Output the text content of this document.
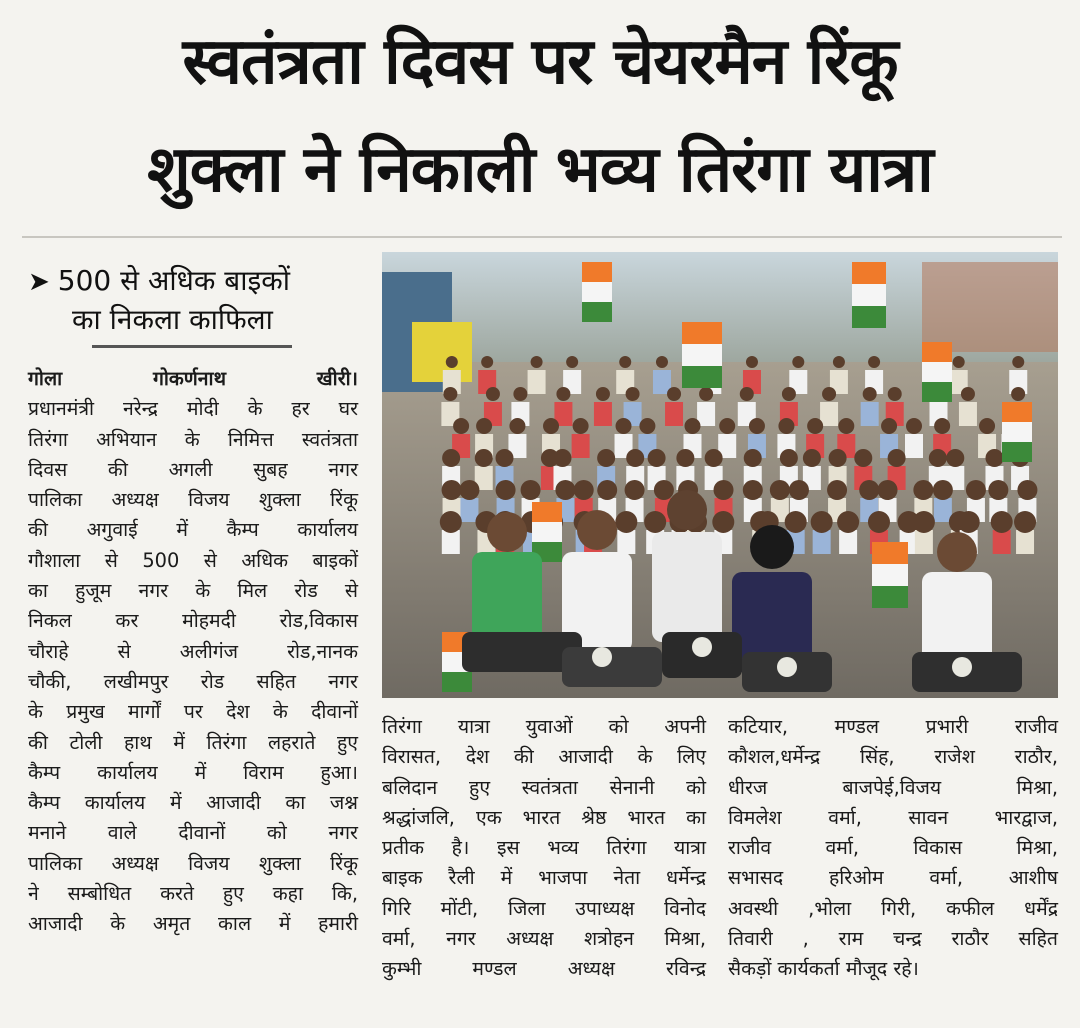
स्वतंत्रता दिवस पर चेयरमैन रिंकू
शुक्ला ने निकाली भव्य तिरंगा यात्रा
➤ 500 से अधिक बाइकों
का निकला काफिला
गोला गोकर्णनाथ खीरी।
प्रधानमंत्री नरेन्द्र मोदी के हर घर
तिरंगा अभियान के निमित्त स्वतंत्रता
दिवस की अगली सुबह नगर
पालिका अध्यक्ष विजय शुक्ला रिंकू
की अगुवाई में कैम्प कार्यालय
गौशाला से 500 से अधिक बाइकों
का हुजूम नगर के मिल रोड से
निकल कर मोहमदी रोड,विकास
चौराहे से अलीगंज रोड,नानक
चौकी, लखीमपुर रोड सहित नगर
के प्रमुख मार्गों पर देश के दीवानों
की टोली हाथ में तिरंगा लहराते हुए
कैम्प कार्यालय में विराम हुआ।
कैम्प कार्यालय में आजादी का जश्न
मनाने वाले दीवानों को नगर
पालिका अध्यक्ष विजय शुक्ला रिंकू
ने सम्बोधित करते हुए कहा कि,
आजादी के अमृत काल में हमारी
तिरंगा यात्रा युवाओं को अपनी
विरासत, देश की आजादी के लिए
बलिदान हुए स्वतंत्रता सेनानी को
श्रद्धांजलि, एक भारत श्रेष्ठ भारत का
प्रतीक है। इस भव्य तिरंगा यात्रा
बाइक रैली में भाजपा नेता धर्मेन्द्र
गिरि मोंटी, जिला उपाध्यक्ष विनोद
वर्मा, नगर अध्यक्ष शत्रोहन मिश्रा,
कुम्भी मण्डल अध्यक्ष रविन्द्र
कटियार, मण्डल प्रभारी राजीव
कौशल,धर्मेन्द्र सिंह, राजेश राठौर,
धीरज बाजपेई,विजय मिश्रा,
विमलेश वर्मा, सावन भारद्वाज,
राजीव वर्मा, विकास मिश्रा,
सभासद हरिओम वर्मा, आशीष
अवस्थी ,भोला गिरी, कफील धर्मेंद्र
तिवारी , राम चन्द्र राठौर सहित
सैकड़ों कार्यकर्ता मौजूद रहे।
